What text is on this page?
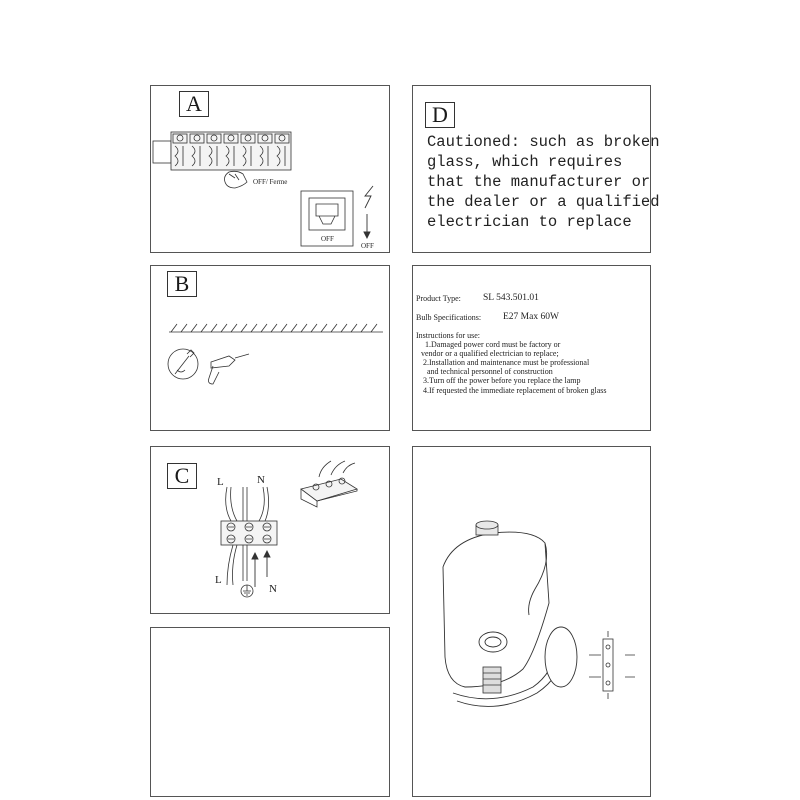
A
OFF/ Ferme
OFF
OFF
D
Cautioned: such as broken
glass, which requires
that the manufacturer or
the dealer or a qualified
electrician to replace
B
Product Type: SL 543.501.01
Bulb Specifications: E27 Max 60W
Instructions for use:
1.Damaged power cord must be factory or
vendor or a qualified electrician to replace;
2.Installation and maintenance must be professional
and technical personnel of construction
3.Turn off the power before you replace the lamp
4.If requested the immediate replacement of broken glass
C	L	N
L
N
